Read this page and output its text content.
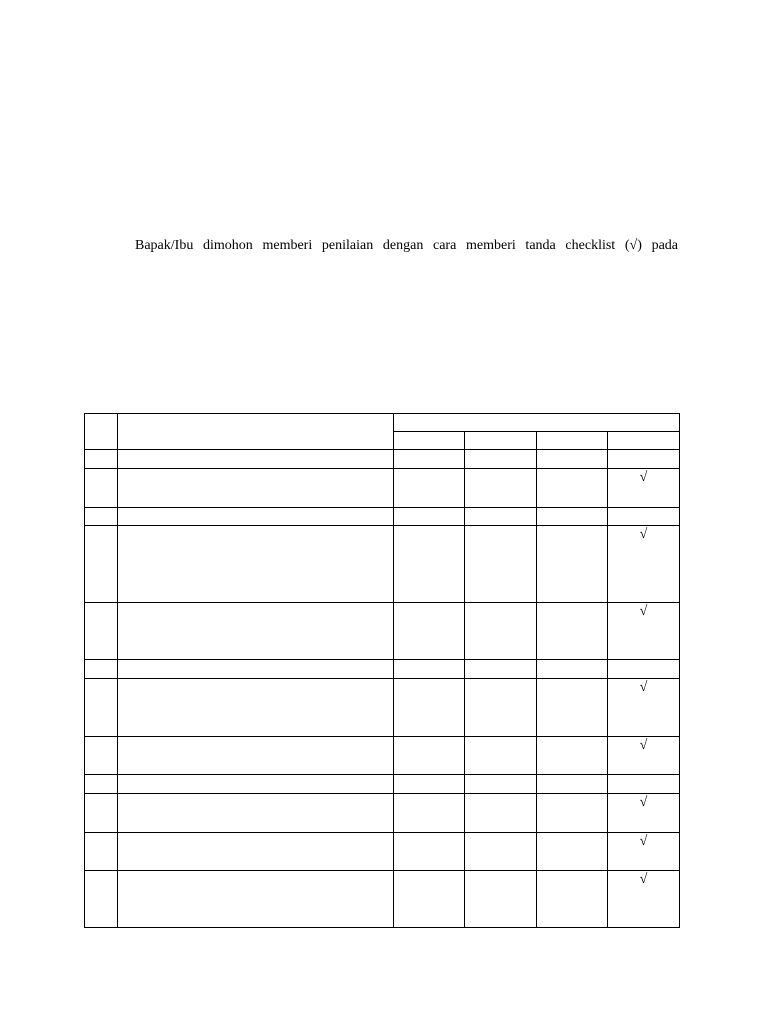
Bapak/Ibu dimohon memberi penilaian dengan cara memberi tanda checklist (√) pada

					√

					√
					√

					√
					√

					√
					√
					√
